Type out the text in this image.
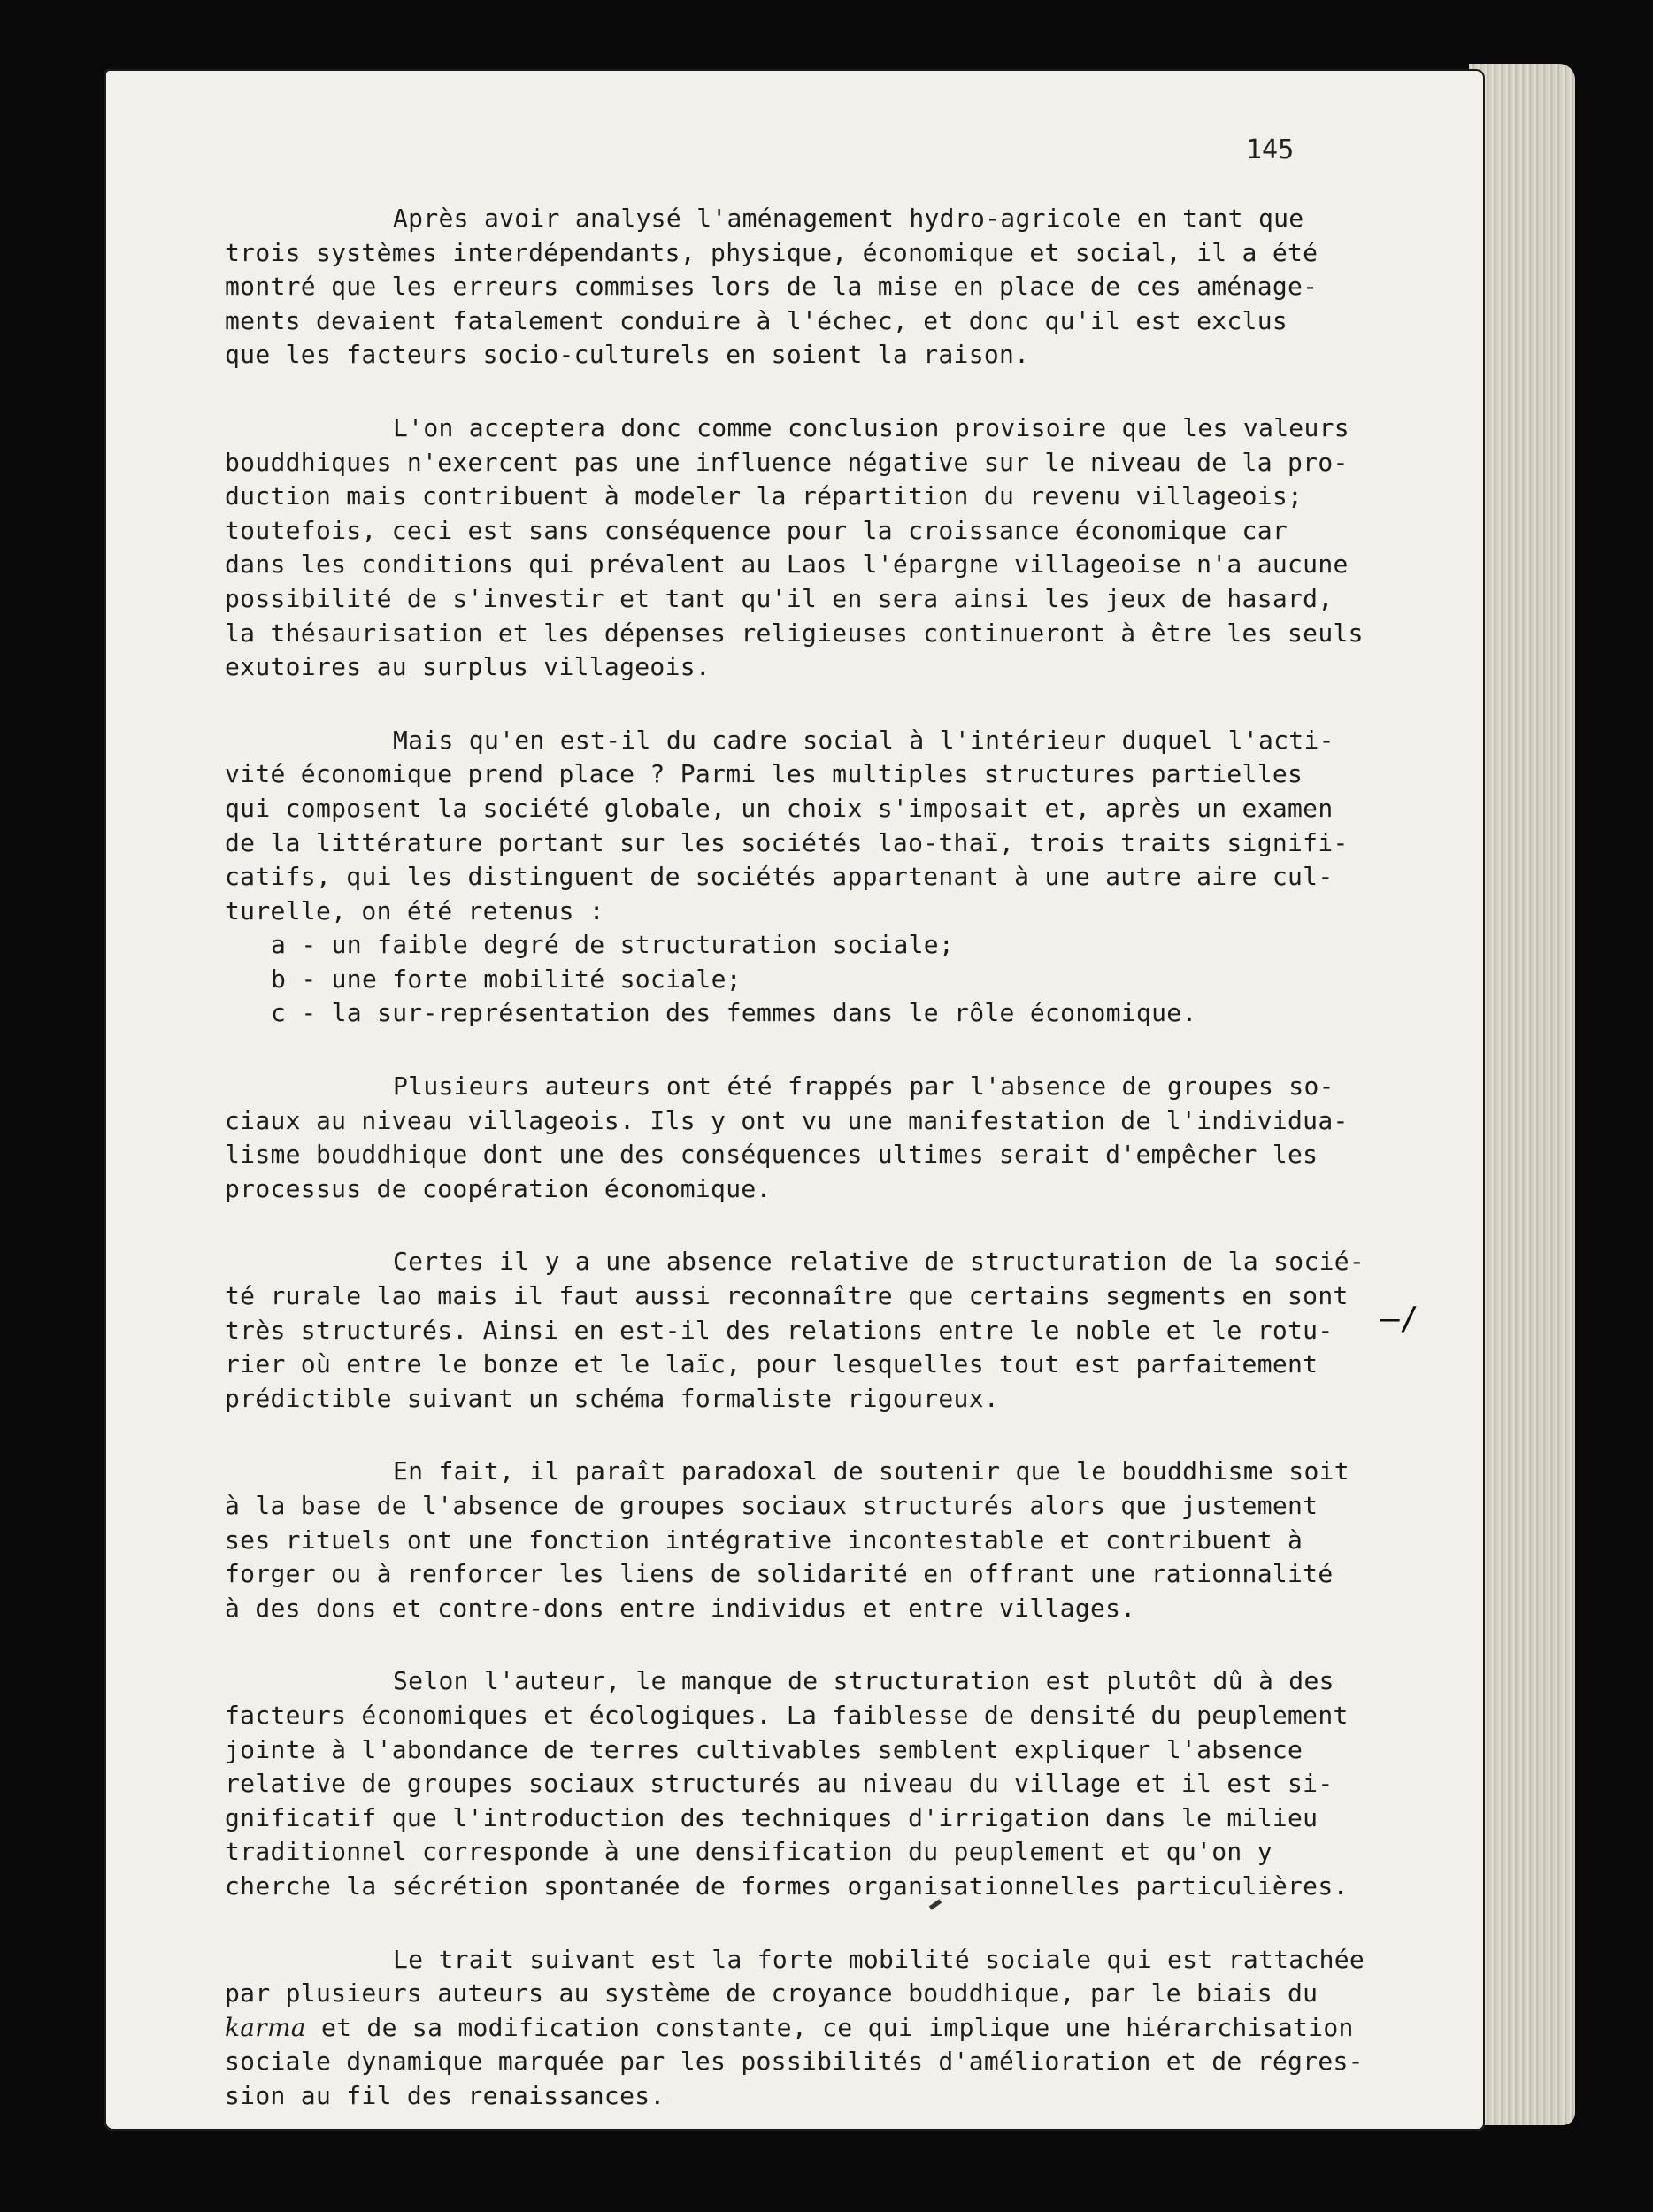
145
Après avoir analysé l'aménagement hydro-agricole en tant que
trois systèmes interdépendants, physique, économique et social, il a été
montré que les erreurs commises lors de la mise en place de ces aménage-
ments devaient fatalement conduire à l'échec, et donc qu'il est exclus
que les facteurs socio-culturels en soient la raison.
L'on acceptera donc comme conclusion provisoire que les valeurs
bouddhiques n'exercent pas une influence négative sur le niveau de la pro-
duction mais contribuent à modeler la répartition du revenu villageois;
toutefois, ceci est sans conséquence pour la croissance économique car
dans les conditions qui prévalent au Laos l'épargne villageoise n'a aucune
possibilité de s'investir et tant qu'il en sera ainsi les jeux de hasard,
la thésaurisation et les dépenses religieuses continueront à être les seuls
exutoires au surplus villageois.
Mais qu'en est-il du cadre social à l'intérieur duquel l'acti-
vité économique prend place ? Parmi les multiples structures partielles
qui composent la société globale, un choix s'imposait et, après un examen
de la littérature portant sur les sociétés lao-thaï, trois traits signifi-
catifs, qui les distinguent de sociétés appartenant à une autre aire cul-
turelle, on été retenus :
a - un faible degré de structuration sociale;
b - une forte mobilité sociale;
c - la sur-représentation des femmes dans le rôle économique.
Plusieurs auteurs ont été frappés par l'absence de groupes so-
ciaux au niveau villageois. Ils y ont vu une manifestation de l'individua-
lisme bouddhique dont une des conséquences ultimes serait d'empêcher les
processus de coopération économique.
Certes il y a une absence relative de structuration de la socié-
té rurale lao mais il faut aussi reconnaître que certains segments en sont
très structurés. Ainsi en est-il des relations entre le noble et le rotu-
rier où entre le bonze et le laïc, pour lesquelles tout est parfaitement
prédictible suivant un schéma formaliste rigoureux.
En fait, il paraît paradoxal de soutenir que le bouddhisme soit
à la base de l'absence de groupes sociaux structurés alors que justement
ses rituels ont une fonction intégrative incontestable et contribuent à
forger ou à renforcer les liens de solidarité en offrant une rationnalité
à des dons et contre-dons entre individus et entre villages.
Selon l'auteur, le manque de structuration est plutôt dû à des
facteurs économiques et écologiques. La faiblesse de densité du peuplement
jointe à l'abondance de terres cultivables semblent expliquer l'absence
relative de groupes sociaux structurés au niveau du village et il est si-
gnificatif que l'introduction des techniques d'irrigation dans le milieu
traditionnel corresponde à une densification du peuplement et qu'on y
cherche la sécrétion spontanée de formes organisationnelles particulières.
Le trait suivant est la forte mobilité sociale qui est rattachée
par plusieurs auteurs au système de croyance bouddhique, par le biais du
karma et de sa modification constante, ce qui implique une hiérarchisation
sociale dynamique marquée par les possibilités d'amélioration et de régres-
sion au fil des renaissances.
—/
